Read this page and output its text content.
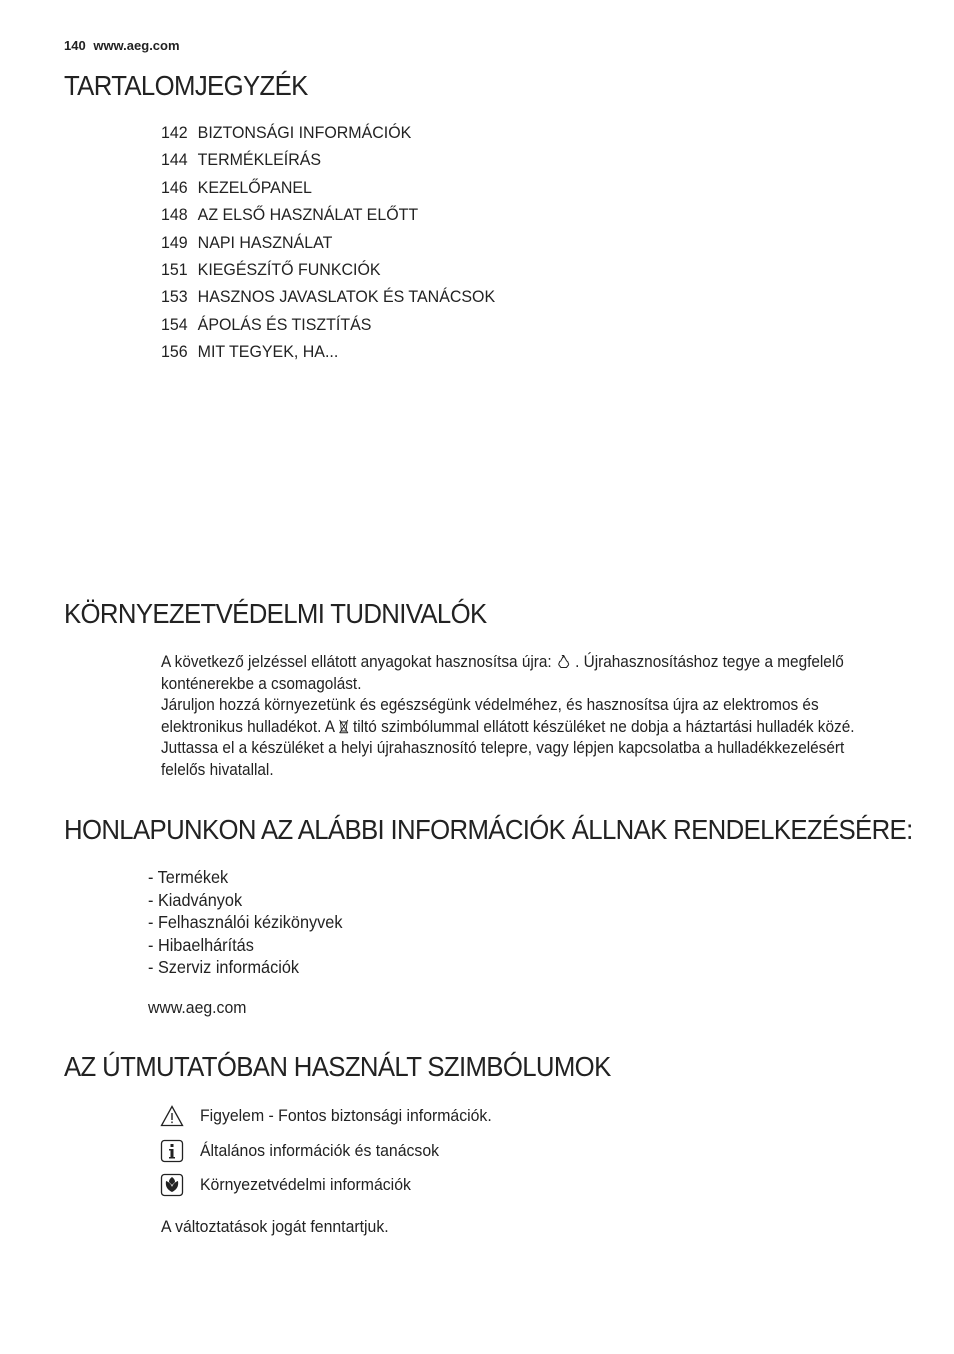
140 www.aeg.com
TARTALOMJEGYZÉK
142 BIZTONSÁGI INFORMÁCIÓK
144 TERMÉKLEÍRÁS
146 KEZELŐPANEL
148 AZ ELSŐ HASZNÁLAT ELŐTT
149 NAPI HASZNÁLAT
151 KIEGÉSZÍTŐ FUNKCIÓK
153 HASZNOS JAVASLATOK ÉS TANÁCSOK
154 ÁPOLÁS ÉS TISZTÍTÁS
156 MIT TEGYEK, HA...
KÖRNYEZETVÉDELMI TUDNIVALÓK

A következő jelzéssel ellátott anyagokat hasznosítsa újra: . Újrahasznosításhoz tegye a megfelelő

konténerekbe a csomagolást.

Járuljon hozzá környezetünk és egészségünk védelméhez, és hasznosítsa újra az elektromos és

elektronikus hulladékot. A tiltó szimbólummal ellátott készüléket ne dobja a háztartási hulladék közé.

Juttassa el a készüléket a helyi újrahasznosító telepre, vagy lépjen kapcsolatba a hulladékkezelésért

felelős hivatallal.

HONLAPUNKON AZ ALÁBBI INFORMÁCIÓK ÁLLNAK RENDELKEZÉSÉRE:
- Termékek
- Kiadványok
- Felhasználói kézikönyvek
- Hibaelhárítás
- Szerviz információk
www.aeg.com
AZ ÚTMUTATÓBAN HASZNÁLT SZIMBÓLUMOK
Figyelem - Fontos biztonsági információk.
Általános információk és tanácsok
Környezetvédelmi információk
A változtatások jogát fenntartjuk.
